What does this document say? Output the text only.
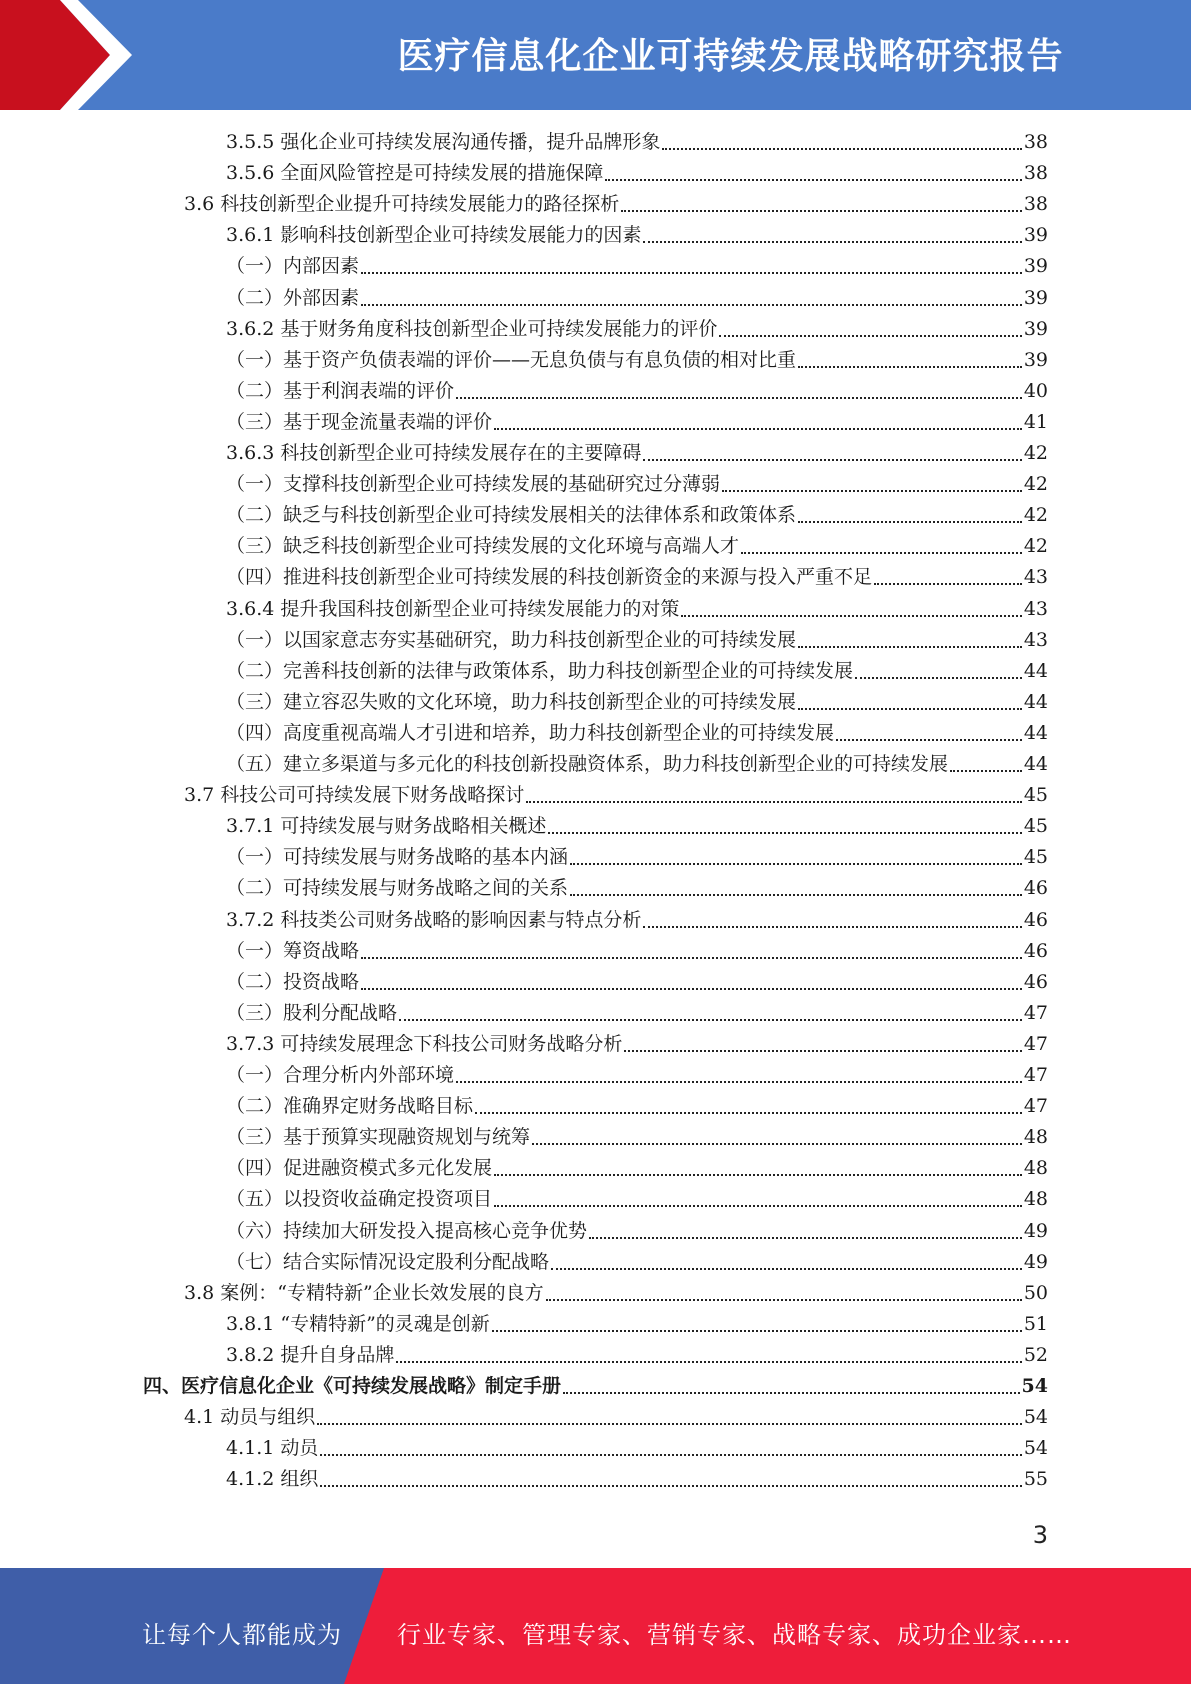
医疗信息化企业可持续发展战略研究报告
3.5.5 强化企业可持续发展沟通传播，提升品牌形象	38
3.5.6 全面风险管控是可持续发展的措施保障	38
3.6 科技创新型企业提升可持续发展能力的路径探析	38
3.6.1 影响科技创新型企业可持续发展能力的因素	39
（一）内部因素	39
（二）外部因素	39
3.6.2 基于财务角度科技创新型企业可持续发展能力的评价	39
（一）基于资产负债表端的评价——无息负债与有息负债的相对比重	39
（二）基于利润表端的评价	40
（三）基于现金流量表端的评价	41
3.6.3 科技创新型企业可持续发展存在的主要障碍	42
（一）支撑科技创新型企业可持续发展的基础研究过分薄弱	42
（二）缺乏与科技创新型企业可持续发展相关的法律体系和政策体系	42
（三）缺乏科技创新型企业可持续发展的文化环境与高端人才	42
（四）推进科技创新型企业可持续发展的科技创新资金的来源与投入严重不足	43
3.6.4 提升我国科技创新型企业可持续发展能力的对策	43
（一）以国家意志夯实基础研究，助力科技创新型企业的可持续发展	43
（二）完善科技创新的法律与政策体系，助力科技创新型企业的可持续发展	44
（三）建立容忍失败的文化环境，助力科技创新型企业的可持续发展	44
（四）高度重视高端人才引进和培养，助力科技创新型企业的可持续发展	44
（五）建立多渠道与多元化的科技创新投融资体系，助力科技创新型企业的可持续发展	44
3.7 科技公司可持续发展下财务战略探讨	45
3.7.1 可持续发展与财务战略相关概述	45
（一）可持续发展与财务战略的基本内涵	45
（二）可持续发展与财务战略之间的关系	46
3.7.2 科技类公司财务战略的影响因素与特点分析	46
（一）筹资战略	46
（二）投资战略	46
（三）股利分配战略	47
3.7.3 可持续发展理念下科技公司财务战略分析	47
（一）合理分析内外部环境	47
（二）准确界定财务战略目标	47
（三）基于预算实现融资规划与统筹	48
（四）促进融资模式多元化发展	48
（五）以投资收益确定投资项目	48
（六）持续加大研发投入提高核心竞争优势	49
（七）结合实际情况设定股利分配战略	49
3.8 案例：“专精特新”企业长效发展的良方	50
3.8.1 “专精特新”的灵魂是创新	51
3.8.2 提升自身品牌	52
四、医疗信息化企业《可持续发展战略》制定手册	54
4.1 动员与组织	54
4.1.1 动员	54
4.1.2 组织	55
3
让每个人都能成为 行业专家、管理专家、营销专家、战略专家、成功企业家……
